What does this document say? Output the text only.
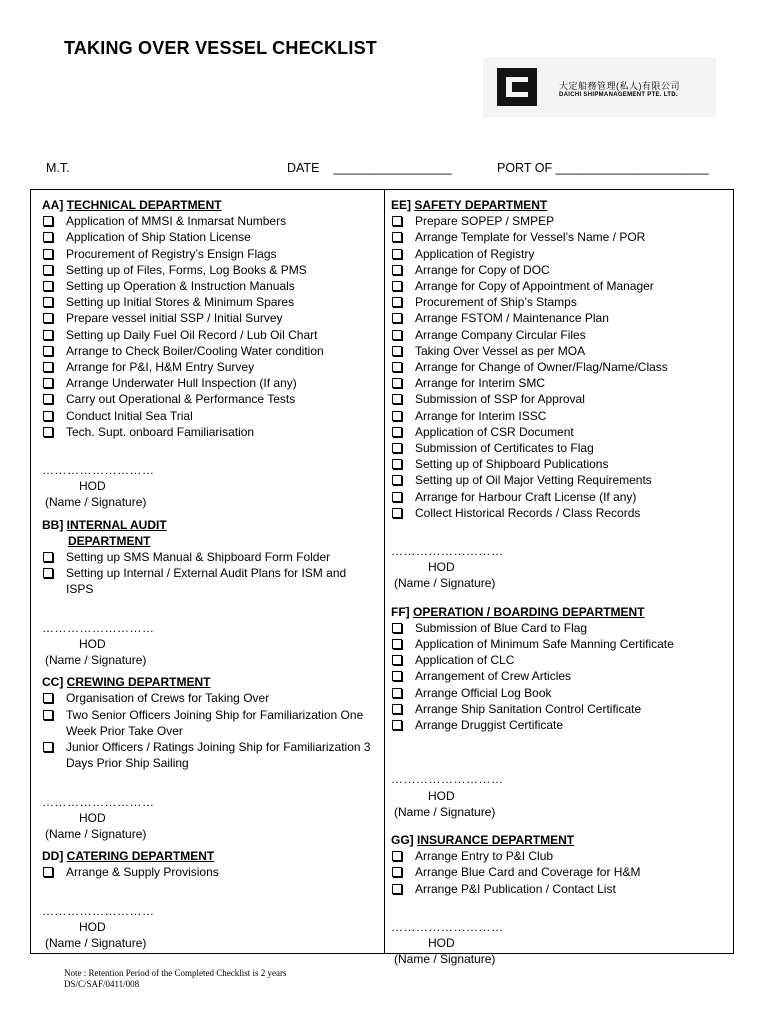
TAKING OVER VESSEL CHECKLIST
大定船務管理(私人)有限公司
DAICHI SHIPMANAGEMENT PTE. LTD.
M.T.	DATE _________________	PORT OF ______________________
AA] TECHNICAL DEPARTMENT
Application of MMSI & Inmarsat Numbers
Application of Ship Station License
Procurement of Registry’s Ensign Flags
Setting up of Files, Forms, Log Books & PMS
Setting up Operation & Instruction Manuals
Setting up Initial Stores & Minimum Spares
Prepare vessel initial SSP / Initial Survey
Setting up Daily Fuel Oil Record / Lub Oil Chart
Arrange to Check Boiler/Cooling Water condition
Arrange for P&I, H&M Entry Survey
Arrange Underwater Hull Inspection (If any)
Carry out Operational & Performance Tests
Conduct Initial Sea Trial
Tech. Supt. onboard Familiarisation
………………………
HOD
(Name / Signature)
BB] INTERNAL AUDIT
DEPARTMENT
Setting up SMS Manual & Shipboard Form Folder
Setting up Internal / External Audit Plans for ISM and ISPS
………………………
HOD
(Name / Signature)
CC] CREWING DEPARTMENT
Organisation of Crews for Taking Over
Two Senior Officers Joining Ship for Familiarization One Week Prior Take Over
Junior Officers / Ratings Joining Ship for Familiarization 3 Days Prior Ship Sailing
………………………
HOD
(Name / Signature)
DD] CATERING DEPARTMENT
Arrange & Supply Provisions
………………………
HOD
(Name / Signature)
EE] SAFETY DEPARTMENT
Prepare SOPEP / SMPEP
Arrange Template for Vessel’s Name / POR
Application of Registry
Arrange for Copy of DOC
Arrange for Copy of Appointment of Manager
Procurement of Ship’s Stamps
Arrange FSTOM / Maintenance Plan
Arrange Company Circular Files
Taking Over Vessel as per MOA
Arrange for Change of Owner/Flag/Name/Class
Arrange for Interim SMC
Submission of SSP for Approval
Arrange for Interim ISSC
Application of CSR Document
Submission of Certificates to Flag
Setting up of Shipboard Publications
Setting up of Oil Major Vetting Requirements
Arrange for Harbour Craft License (If any)
Collect Historical Records / Class Records
………………………
HOD
(Name / Signature)
FF] OPERATION / BOARDING DEPARTMENT
Submission of Blue Card to Flag
Application of Minimum Safe Manning Certificate
Application of CLC
Arrangement of Crew Articles
Arrange Official Log Book
Arrange Ship Sanitation Control Certificate
Arrange Druggist Certificate
………………………
HOD
(Name / Signature)
GG] INSURANCE DEPARTMENT
Arrange Entry to P&I Club
Arrange Blue Card and Coverage for H&M
Arrange P&I Publication / Contact List
………………………
HOD
(Name / Signature)
Note : Retention Period of the Completed Checklist is 2 years
DS/C/SAF/0411/008
